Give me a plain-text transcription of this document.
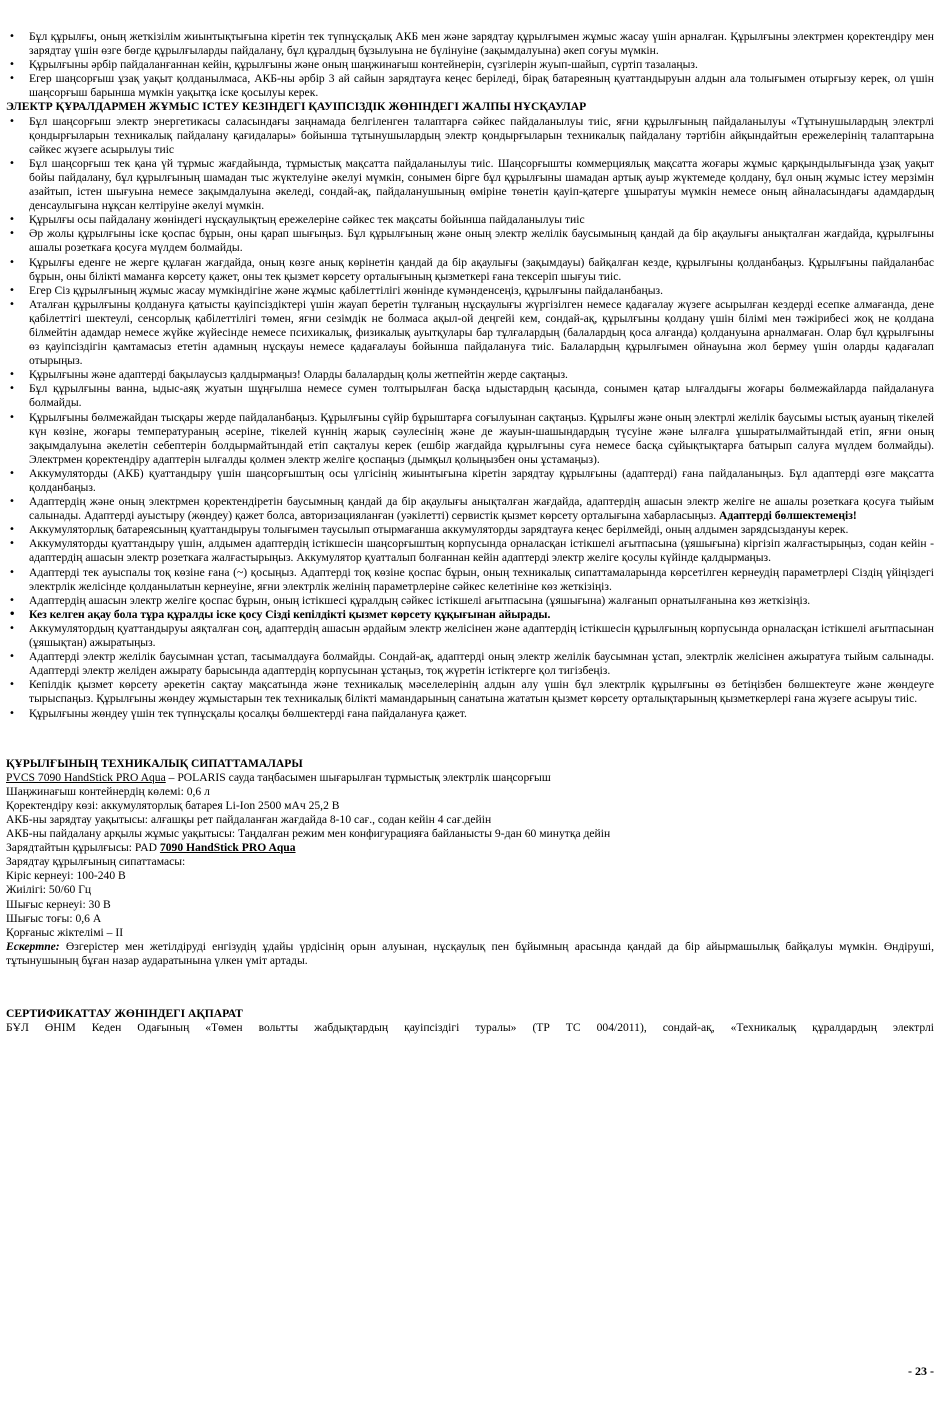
• Бұл құрылғы, оның жеткізілім жиынтықтығына кіретін тек түпнұсқалық АКБ мен және зарядтау құрылғымен жұмыс жасау үшін арналған. Құрылғыны электрмен қоректендіру мен зарядтау үшін өзге бөгде құрылғыларды пайдалану, бұл құралдың бұзылуына не бүлінуіне (зақымдалуына) әкеп соғуы мүмкін.
• Құрылғыны әрбір пайдаланғаннан кейін, құрылғыны және оның шаңжинағыш контейнерін, сүзгілерін жуып-шайып, сүртіп тазалаңыз.
• Егер шаңсорғыш ұзақ уақыт қолданылмаса, АКБ-ны әрбір 3 ай сайын зарядтауға кеңес беріледі, бірақ батареяның қуаттандыруын алдын ала толығымен отырғызу керек, ол үшін шаңсорғыш барынша мүмкін уақытқа іске қосылуы керек.
ЭЛЕКТР ҚҰРАЛДАРМЕН ЖҰМЫС ІСТЕУ КЕЗІНДЕГІ ҚАУІПСІЗДІК ЖӨНІНДЕГІ ЖАЛПЫ НҰСҚАУЛАР
• Бұл шаңсорғыш электр энергетикасы саласындағы заңнамада белгіленген талаптарға сәйкес пайдаланылуы тиіс, яғни құрылғының пайдаланылуы «Тұтынушылардың электрлі қондырғыларын техникалық пайдалану қағидалары» бойынша тұтынушылардың электр қондырғыларын техникалық пайдалану тәртібін айқындайтын ережелерінің талаптарына сәйкес жүзеге асырылуы тиіс
• Бұл шаңсорғыш тек қана үй тұрмыс жағдайында, тұрмыстық мақсатта пайдаланылуы тиіс. Шаңсорғышты коммерциялық мақсатта жоғары жұмыс қарқындылығында ұзақ уақыт бойы пайдалану, бұл құрылғының шамадан тыс жүктелуіне әкелуі мүмкін, сонымен бірге бұл құрылғыны шамадан артық ауыр жүктемеде қолдану, бұл оның жұмыс істеу мерзімін азайтып, істен шығуына немесе зақымдалуына әкеледі, сондай-ақ, пайдаланушының өміріне төнетін қауіп-қатерге ұшыратуы мүмкін немесе оның айналасындағы адамдардың денсаулығына нұқсан келтіруіне әкелуі мүмкін.
• Құрылғы осы пайдалану жөніндегі нұсқаулықтың ережелеріне сәйкес тек мақсаты бойынша пайдаланылуы тиіс
• Әр жолы құрылғыны іске қоспас бұрын, оны қарап шығыңыз. Бұл құрылғының және оның электр желілік баусымының қандай да бір ақаулығы анықталған жағдайда, құрылғыны ашалы розеткаға қосуға мүлдем болмайды.
• Құрылғы еденге не жерге құлаған жағдайда, оның көзге анық көрінетін қандай да бір ақаулығы (зақымдауы) байқалған кезде, құрылғыны қолданбаңыз. Құрылғыны пайдаланбас бұрын, оны білікті маманға көрсету қажет, оны тек қызмет көрсету орталығының қызметкері ғана тексеріп шығуы тиіс.
• Егер Сіз құрылғының жұмыс жасау мүмкіндігіне және жұмыс қабілеттілігі жөнінде күмәнденсеңіз, құрылғыны пайдаланбаңыз.
• Аталған құрылғыны қолдануға қатысты қауіпсіздіктері үшін жауап беретін тұлғаның нұсқаулығы жүргізілген немесе қадағалау жүзеге асырылған кездерді есепке алмағанда, дене қабілеттігі шектеулі, сенсорлық қабілеттілігі төмен, яғни сезімдік не болмаса ақыл-ой деңгейі кем, сондай-ақ, құрылғыны қолдану үшін білімі мен тәжірибесі жоқ не қолдана білмейтін адамдар немесе жүйке жүйесінде немесе психикалық, физикалық ауытқулары бар тұлғалардың (балалардың қоса алғанда) қолдануына арналмаған. Олар бұл құрылғыны өз қауіпсіздігін қамтамасыз ететін адамның нұсқауы немесе қадағалауы бойынша пайдалануға тиіс. Балалардың құрылғымен ойнауына жол бермеу үшін оларды қадағалап отырыңыз.
• Құрылғыны және адаптерді бақылаусыз қалдырмаңыз! Оларды балалардың қолы жетпейтін жерде сақтаңыз.
• Бұл құрылғыны ванна, ыдыс-аяқ жуатын шұңғылша немесе сумен толтырылған басқа ыдыстардың қасында, сонымен қатар ылғалдығы жоғары бөлмежайларда пайдалануға болмайды.
• Құрылғыны бөлмежайдан тысқары жерде пайдаланбаңыз. Құрылғыны сүйір бұрыштарға соғылуынан сақтаңыз. Құрылғы және оның электрлі желілік баусымы ыстық ауаның тікелей күн көзіне, жоғары температураның әсеріне, тікелей күннің жарық сәулесінің және де жауын-шашындардың түсуіне және ылғалға ұшыратылмайтындай етіп, яғни оның зақымдалуына әкелетін себептерін болдырмайтындай етіп сақталуы керек (ешбір жағдайда құрылғыны суға немесе басқа сұйықтықтарға батырып салуға мүлдем болмайды). Электрмен қоректендіру адаптерін ылғалды қолмен электр желіге қоспаңыз (дымқыл қолыңызбен оны ұстамаңыз).
• Аккумуляторды (АКБ) қуаттандыру үшін шаңсорғыштың осы үлгісінің жиынтығына кіретін зарядтау құрылғыны (адаптерді) ғана пайдаланыңыз. Бұл адаптерді өзге мақсатта қолданбаңыз.
• Адаптердің және оның электрмен қоректендіретін баусымның қандай да бір ақаулығы анықталған жағдайда, адаптердің ашасын электр желіге не ашалы розеткаға қосуға тыйым салынады. Адаптерді ауыстыру (жөндеу) қажет болса, авторизацияланған (уәкілетті) сервистік қызмет көрсету орталығына хабарласыңыз. Адаптерді бөлшектемеңіз!
• Аккумуляторлық батареясының қуаттандыруы толығымен таусылып отырмағанша аккумуляторды зарядтауға кеңес берілмейді, оның алдымен зарядсыздануы керек.
• Аккумуляторды қуаттандыру үшін, алдымен адаптердің істікшесін шаңсорғыштың корпусында орналасқан істікшелі ағытпасына (ұяшығына) кіргізіп жалғастырыңыз, содан кейін - адаптердің ашасын электр розеткаға жалғастырыңыз. Аккумулятор қуатталып болғаннан кейін адаптерді электр желіге қосулы күйінде қалдырмаңыз.
• Адаптерді тек ауыспалы тоқ көзіне ғана (~) қосыңыз. Адаптерді тоқ көзіне қоспас бұрын, оның техникалық сипаттамаларында көрсетілген кернеудің параметрлері Сіздің үйіңіздегі электрлік желісінде қолданылатын кернеуіне, яғни электрлік желінің параметрлеріне сәйкес келетініне көз жеткізіңіз.
• Адаптердің ашасын электр желіге қоспас бұрын, оның істікшесі құралдың сәйкес істікшелі ағытпасына (ұяшығына) жалғанып орнатылғанына көз жеткізіңіз.
• Кез келген ақау бола тұра құралды іске қосу Сізді кепілдікті қызмет көрсету құқығынан айырады.
• Аккумулятордың қуаттандыруы аяқталған соң, адаптердің ашасын әрдайым электр желісінен және адаптердің істікшесін құрылғының корпусында орналасқан істікшелі ағытпасынан (ұяшықтан) ажыратыңыз.
• Адаптерді электр желілік баусымнан ұстап, тасымалдауға болмайды. Сондай-ақ, адаптерді оның электр желілік баусымнан ұстап, электрлік желісінен ажыратуға тыйым салынады. Адаптерді электр желіден ажырату барысында адаптердің корпусынан ұстаңыз, тоқ жүретін істіктерге қол тигізбеңіз.
• Кепілдік қызмет көрсету әрекетін сақтау мақсатында және техникалық мәселелерінің алдын алу үшін бұл электрлік құрылғыны өз бетіңізбен бөлшектеуге және жөндеуге тырыспаңыз. Құрылғыны жөндеу жұмыстарын тек техникалық білікті мамандарының санатына жататын қызмет көрсету орталықтарының қызметкерлері ғана жүзеге асыруы тиіс.
• Құрылғыны жөндеу үшін тек түпнұсқалы қосалқы бөлшектерді ғана пайдалануға қажет.
ҚҰРЫЛҒЫНЫҢ ТЕХНИКАЛЫҚ СИПАТТАМАЛАРЫ

PVCS 7090 HandStick PRO Aqua – POLARIS сауда таңбасымен шығарылған тұрмыстық электрлік шаңсорғыш

Шаңжинағыш контейнердің көлемі: 0,6 л

Қоректендіру көзі: аккумуляторлық батарея Li-Ion 2500 мАч 25,2 В

АКБ-ны зарядтау уақытысы: алғашқы рет пайдаланған жағдайда 8-10 сағ., содан кейін 4 сағ.дейін

АКБ-ны пайдалану арқылы жұмыс уақытысы: Таңдалған режим мен конфигурацияға байланысты 9-дан 60 минутқа дейін

Зарядтайтын құрылғысы: PAD 7090 HandStick PRO Aqua

Зарядтау құрылғының сипаттамасы:

Кіріс кернеуі: 100-240 В

Жиілігі: 50/60 Гц

Шығыс кернеуі: 30 В

Шығыс тоғы: 0,6 А

Қорғаныс жіктелімі – II

Ескертпе: Өзгерістер мен жетілдіруді енгізудің ұдайы үрдісінің орын алуынан, нұсқаулық пен бұйымның арасында қандай да бір айырмашылық байқалуы мүмкін. Өндіруші, тұтынушының бұған назар аударатынына үлкен үміт артады.

СЕРТИФИКАТТАУ ЖӨНІНДЕГІ АҚПАРАТ

БҰЛ ӨНІМ Кеден Одағының «Төмен вольтты жабдықтардың қауіпсіздігі туралы» (ТР ТС 004/2011), сондай-ақ, «Техникалық құралдардың электрлі

- 23 -
